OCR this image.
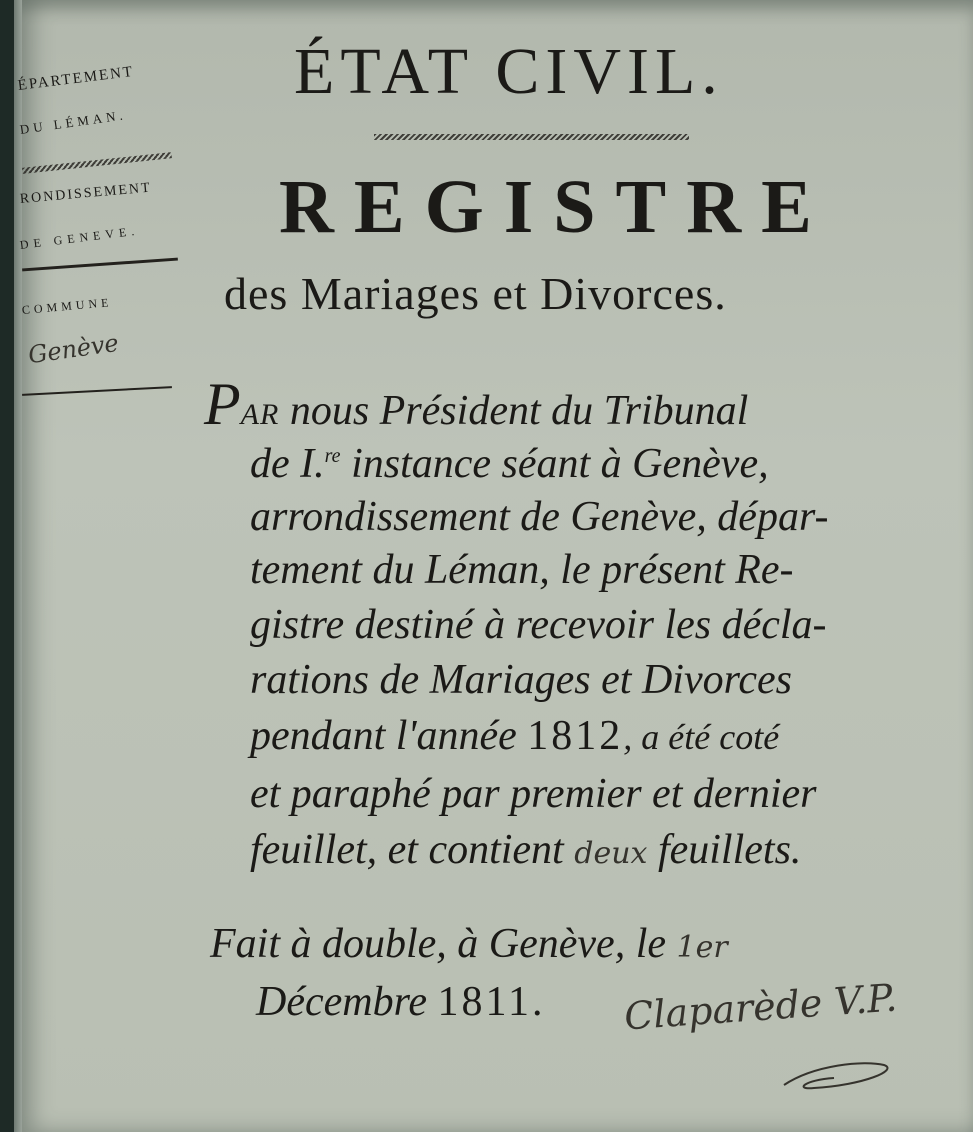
ÉPARTEMENT
DU LÉMAN.
RONDISSEMENT
DE GENEVE.
COMMUNE
Genève
ÉTAT CIVIL.
REGISTRE
des Mariages et Divorces.
PAR nous Président du Tribunal
de I.$^{re}$ instance séant à Genève,
arrondissement de Genève, dépar-
tement du Léman, le présent Re-
gistre destiné à recevoir les décla-
rations de Mariages et Divorces
pendant l'année 1812, a été coté
et paraphé par premier et dernier
feuillet, et contient deux feuillets.
Fait à double, à Genève, le 1er
Décembre 1811. Claparède V.P.
